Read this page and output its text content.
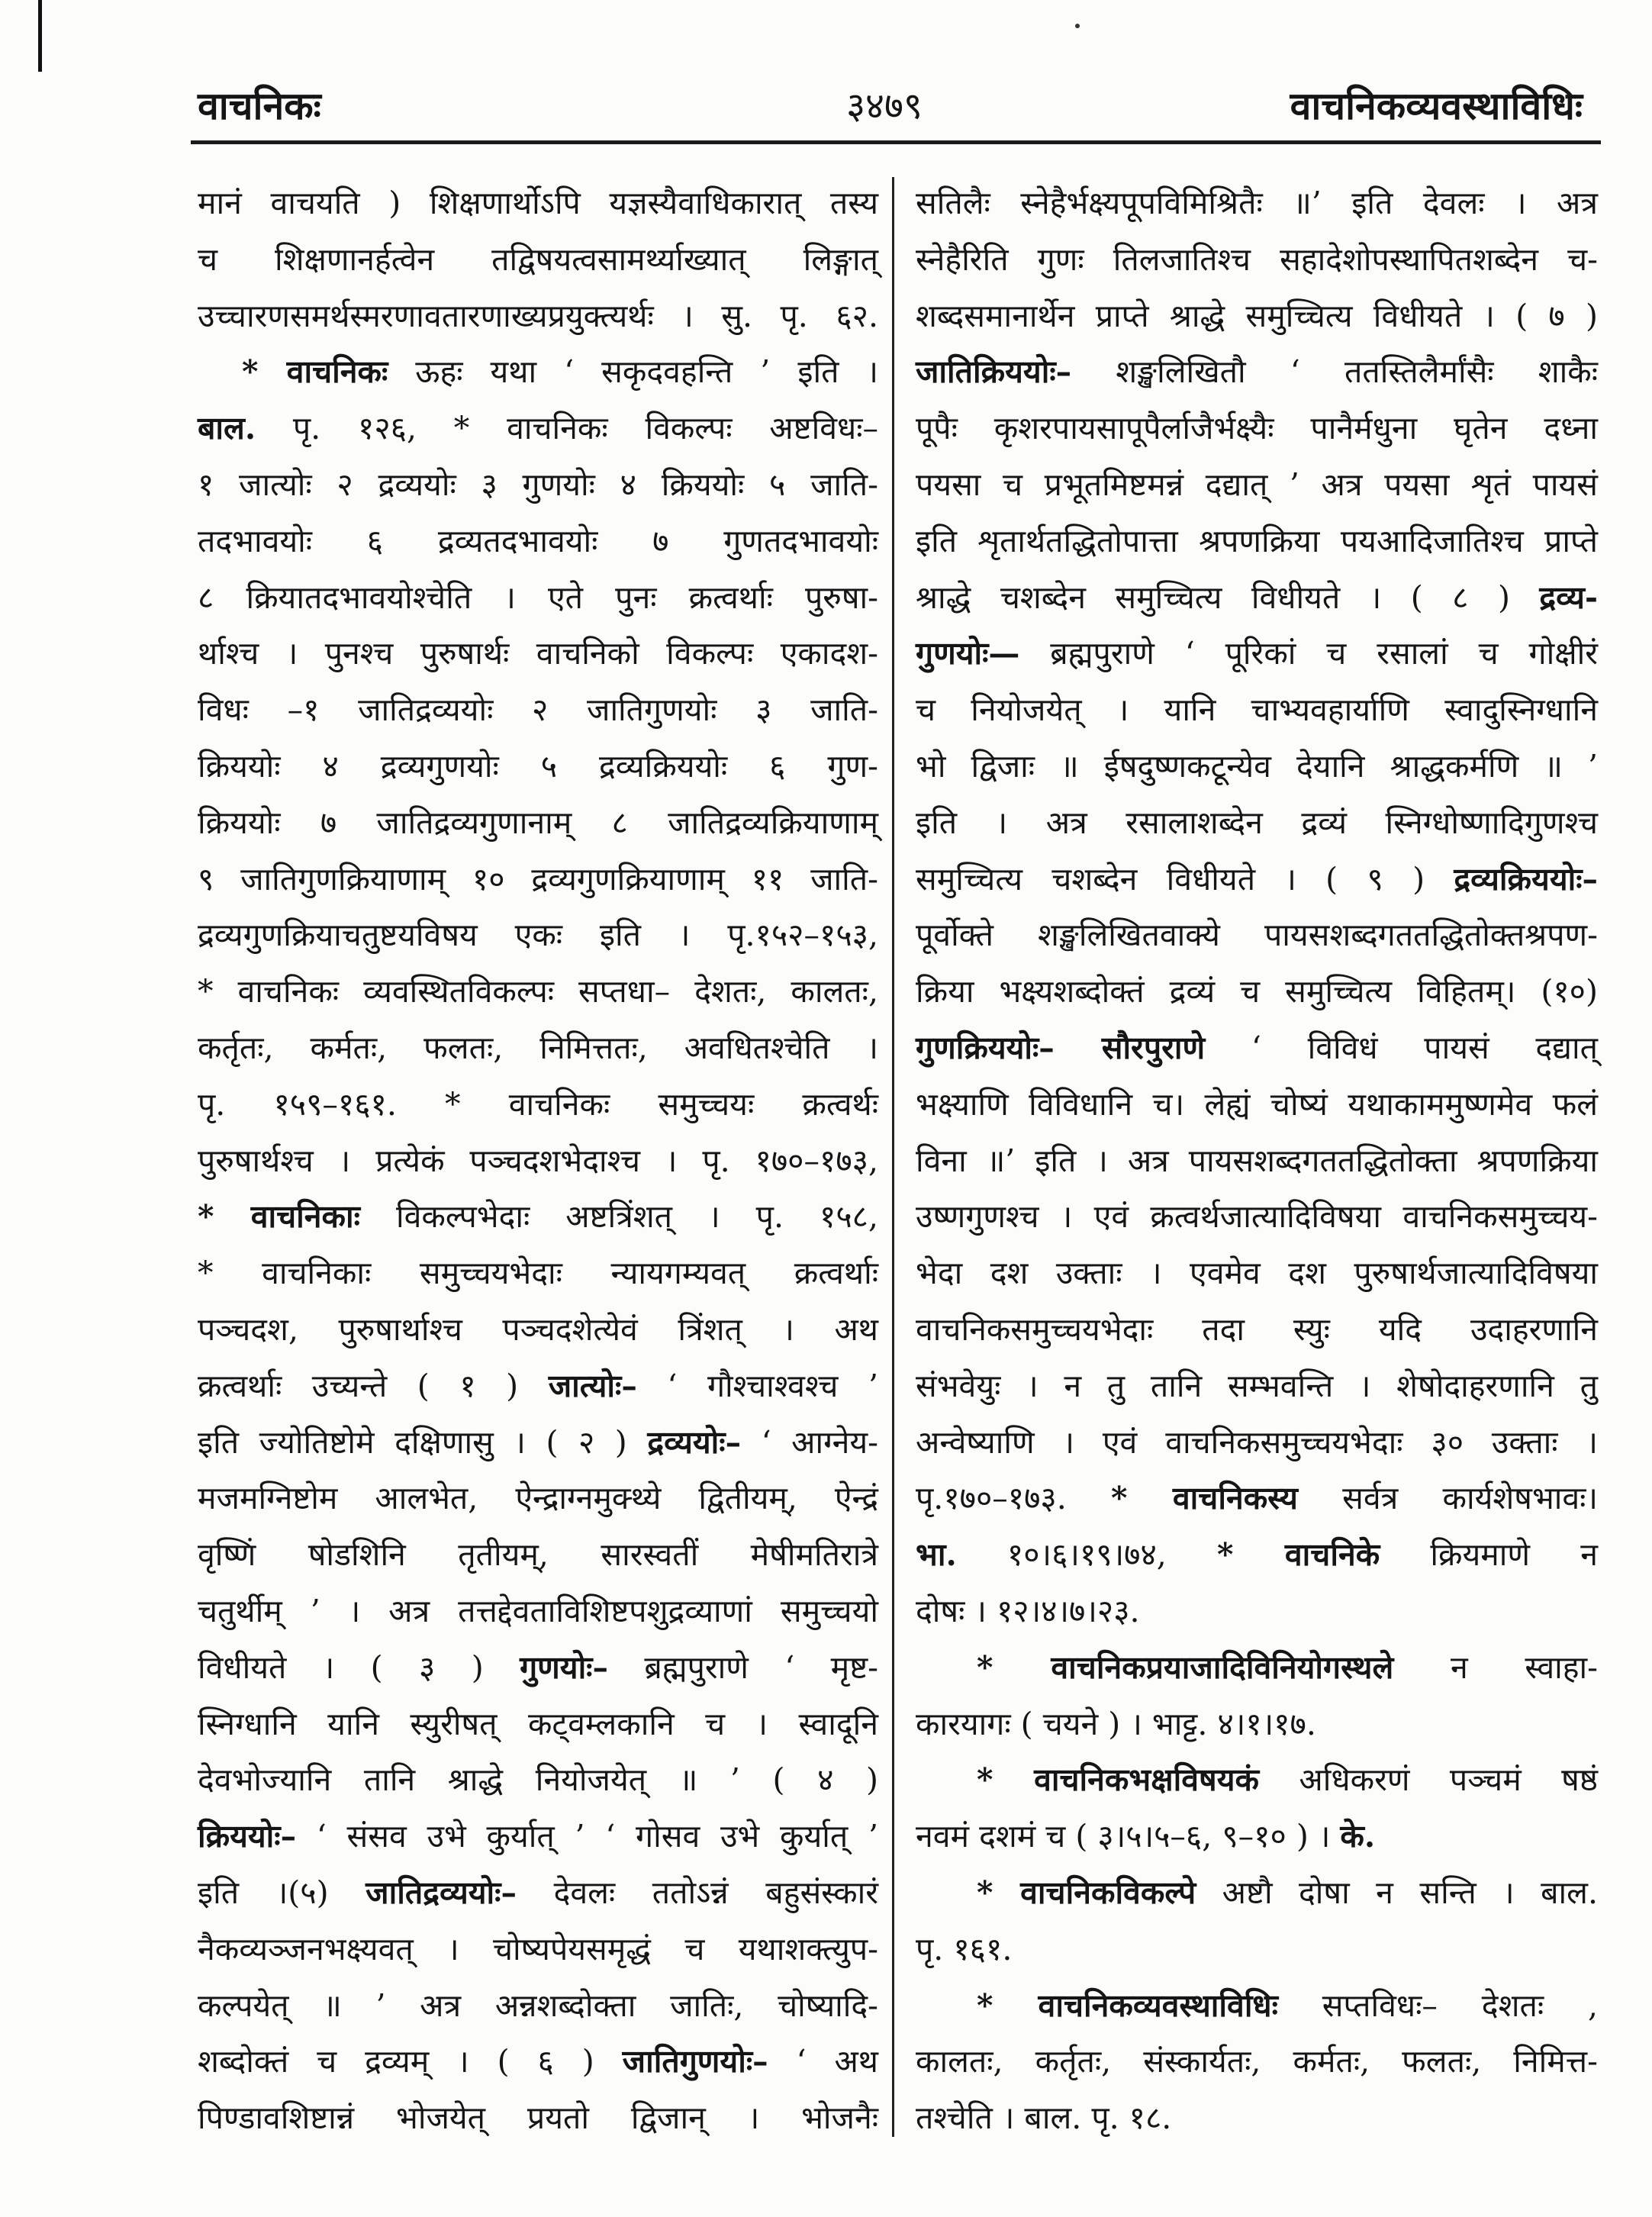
वाचनिकः	३४७९	वाचनिकव्यवस्थाविधिः
मानं वाचयति ) शिक्षणार्थोऽपि यज्ञस्यैवाधिकारात् तस्य
च शिक्षणानर्हत्वेन तद्विषयत्वसामर्थ्याख्यात् लिङ्गात्
उच्चारणसमर्थस्मरणावतारणाख्यप्रयुक्त्यर्थः । सु. पृ. ६२.
* वाचनिकः ऊहः यथा ‘ सकृदवहन्ति ’ इति ।
बाल. पृ. १२६, * वाचनिकः विकल्पः अष्टविधः–
१ जात्योः २ द्रव्ययोः ३ गुणयोः ४ क्रिययोः ५ जाति-
तदभावयोः ६ द्रव्यतदभावयोः ७ गुणतदभावयोः
८ क्रियातदभावयोश्चेति । एते पुनः क्रत्वर्थाः पुरुषा-
र्थाश्च । पुनश्च पुरुषार्थः वाचनिको विकल्पः एकादश-
विधः –१ जातिद्रव्ययोः २ जातिगुणयोः ३ जाति-
क्रिययोः ४ द्रव्यगुणयोः ५ द्रव्यक्रिययोः ६ गुण-
क्रिययोः ७ जातिद्रव्यगुणानाम् ८ जातिद्रव्यक्रियाणाम्
९ जातिगुणक्रियाणाम् १० द्रव्यगुणक्रियाणाम् ११ जाति-
द्रव्यगुणक्रियाचतुष्टयविषय एकः इति । पृ.१५२–१५३,
* वाचनिकः व्यवस्थितविकल्पः सप्तधा– देशतः, कालतः,
कर्तृतः, कर्मतः, फलतः, निमित्ततः, अवधितश्चेति ।
पृ. १५९–१६१. * वाचनिकः समुच्चयः क्रत्वर्थः
पुरुषार्थश्च । प्रत्येकं पञ्चदशभेदाश्च । पृ. १७०–१७३,
* वाचनिकाः विकल्पभेदाः अष्टत्रिंशत् । पृ. १५८,
* वाचनिकाः समुच्चयभेदाः न्यायगम्यवत् क्रत्वर्थाः
पञ्चदश, पुरुषार्थाश्च पञ्चदशेत्येवं त्रिंशत् । अथ
क्रत्वर्थाः उच्यन्ते ( १ ) जात्योः– ‘ गौश्चाश्वश्च ’
इति ज्योतिष्टोमे दक्षिणासु । ( २ ) द्रव्ययोः– ‘ आग्नेय-
मजमग्निष्टोम आलभेत, ऐन्द्राग्नमुक्थ्ये द्वितीयम्, ऐन्द्रं
वृष्णिं षोडशिनि तृतीयम्, सारस्वतीं मेषीमतिरात्रे
चतुर्थीम् ’ । अत्र तत्तद्देवताविशिष्टपशुद्रव्याणां समुच्चयो
विधीयते । ( ३ ) गुणयोः– ब्रह्मपुराणे ‘ मृष्ट-
स्निग्धानि यानि स्युरीषत् कट्वम्लकानि च । स्वादूनि
देवभोज्यानि तानि श्राद्धे नियोजयेत् ॥ ’ ( ४ )
क्रिययोः– ‘ संसव उभे कुर्यात् ’ ‘ गोसव उभे कुर्यात् ’
इति ।(५) जातिद्रव्ययोः– देवलः ततोऽन्नं बहुसंस्कारं
नैकव्यञ्जनभक्ष्यवत् । चोष्यपेयसमृद्धं च यथाशक्त्युप-
कल्पयेत् ॥ ’ अत्र अन्नशब्दोक्ता जातिः, चोष्यादि-
शब्दोक्तं च द्रव्यम् । ( ६ ) जातिगुणयोः– ‘ अथ
पिण्डावशिष्टान्नं भोजयेत् प्रयतो द्विजान् । भोजनैः
सतिलैः स्नेहैर्भक्ष्यपूपविमिश्रितैः ॥’ इति देवलः । अत्र
स्नेहैरिति गुणः तिलजातिश्च सहादेशोपस्थापितशब्देन च-
शब्दसमानार्थेन प्राप्ते श्राद्धे समुच्चित्य विधीयते । ( ७ )
जातिक्रिययोः– शङ्खलिखितौ ‘ ततस्तिलैर्मांसैः शाकैः
पूपैः कृशरपायसापूपैर्लाजैर्भक्ष्यैः पानैर्मधुना घृतेन दध्ना
पयसा च प्रभूतमिष्टमन्नं दद्यात् ’ अत्र पयसा शृतं पायसं
इति शृतार्थतद्धितोपात्ता श्रपणक्रिया पयआदिजातिश्च प्राप्ते
श्राद्धे चशब्देन समुच्चित्य विधीयते । ( ८ ) द्रव्य-
गुणयोः— ब्रह्मपुराणे ‘ पूरिकां च रसालां च गोक्षीरं
च नियोजयेत् । यानि चाभ्यवहार्याणि स्वादुस्निग्धानि
भो द्विजाः ॥ ईषदुष्णकटून्येव देयानि श्राद्धकर्मणि ॥ ’
इति । अत्र रसालाशब्देन द्रव्यं स्निग्धोष्णादिगुणश्च
समुच्चित्य चशब्देन विधीयते । ( ९ ) द्रव्यक्रिययोः–
पूर्वोक्ते शङ्खलिखितवाक्ये पायसशब्दगततद्धितोक्तश्रपण-
क्रिया भक्ष्यशब्दोक्तं द्रव्यं च समुच्चित्य विहितम्। (१०)
गुणक्रिययोः– सौरपुराणे ‘ विविधं पायसं दद्यात्
भक्ष्याणि विविधानि च। लेह्यं चोष्यं यथाकाममुष्णमेव फलं
विना ॥’ इति । अत्र पायसशब्दगततद्धितोक्ता श्रपणक्रिया
उष्णगुणश्च । एवं क्रत्वर्थजात्यादिविषया वाचनिकसमुच्चय-
भेदा दश उक्ताः । एवमेव दश पुरुषार्थजात्यादिविषया
वाचनिकसमुच्चयभेदाः तदा स्युः यदि उदाहरणानि
संभवेयुः । न तु तानि सम्भवन्ति । शेषोदाहरणानि तु
अन्वेष्याणि । एवं वाचनिकसमुच्चयभेदाः ३० उक्ताः ।
पृ.१७०–१७३. * वाचनिकस्य सर्वत्र कार्यशेषभावः।
भा. १०।६।१९।७४, * वाचनिके क्रियमाणे न
दोषः । १२।४।७।२३.
* वाचनिकप्रयाजादिविनियोगस्थले न स्वाहा-
कारयागः ( चयने ) । भाट्ट. ४।१।१७.
* वाचनिकभक्षविषयकं अधिकरणं पञ्चमं षष्ठं
नवमं दशमं च ( ३।५।५–६, ९–१० ) । के.
* वाचनिकविकल्पे अष्टौ दोषा न सन्ति । बाल.
पृ. १६१.
* वाचनिकव्यवस्थाविधिः सप्तविधः– देशतः ,
कालतः, कर्तृतः, संस्कार्यतः, कर्मतः, फलतः, निमित्त-
तश्चेति । बाल. पृ. १८.
